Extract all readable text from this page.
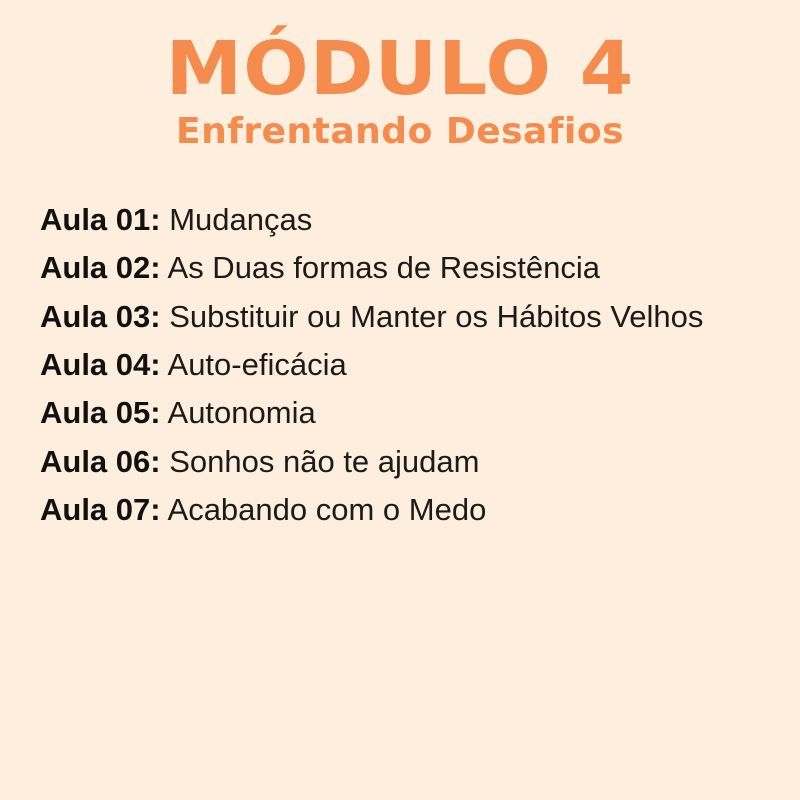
MÓDULO 4
Enfrentando Desafios
Aula 01: Mudanças
Aula 02: As Duas formas de Resistência
Aula 03: Substituir ou Manter os Hábitos Velhos
Aula 04: Auto-eficácia
Aula 05: Autonomia
Aula 06: Sonhos não te ajudam
Aula 07: Acabando com o Medo
